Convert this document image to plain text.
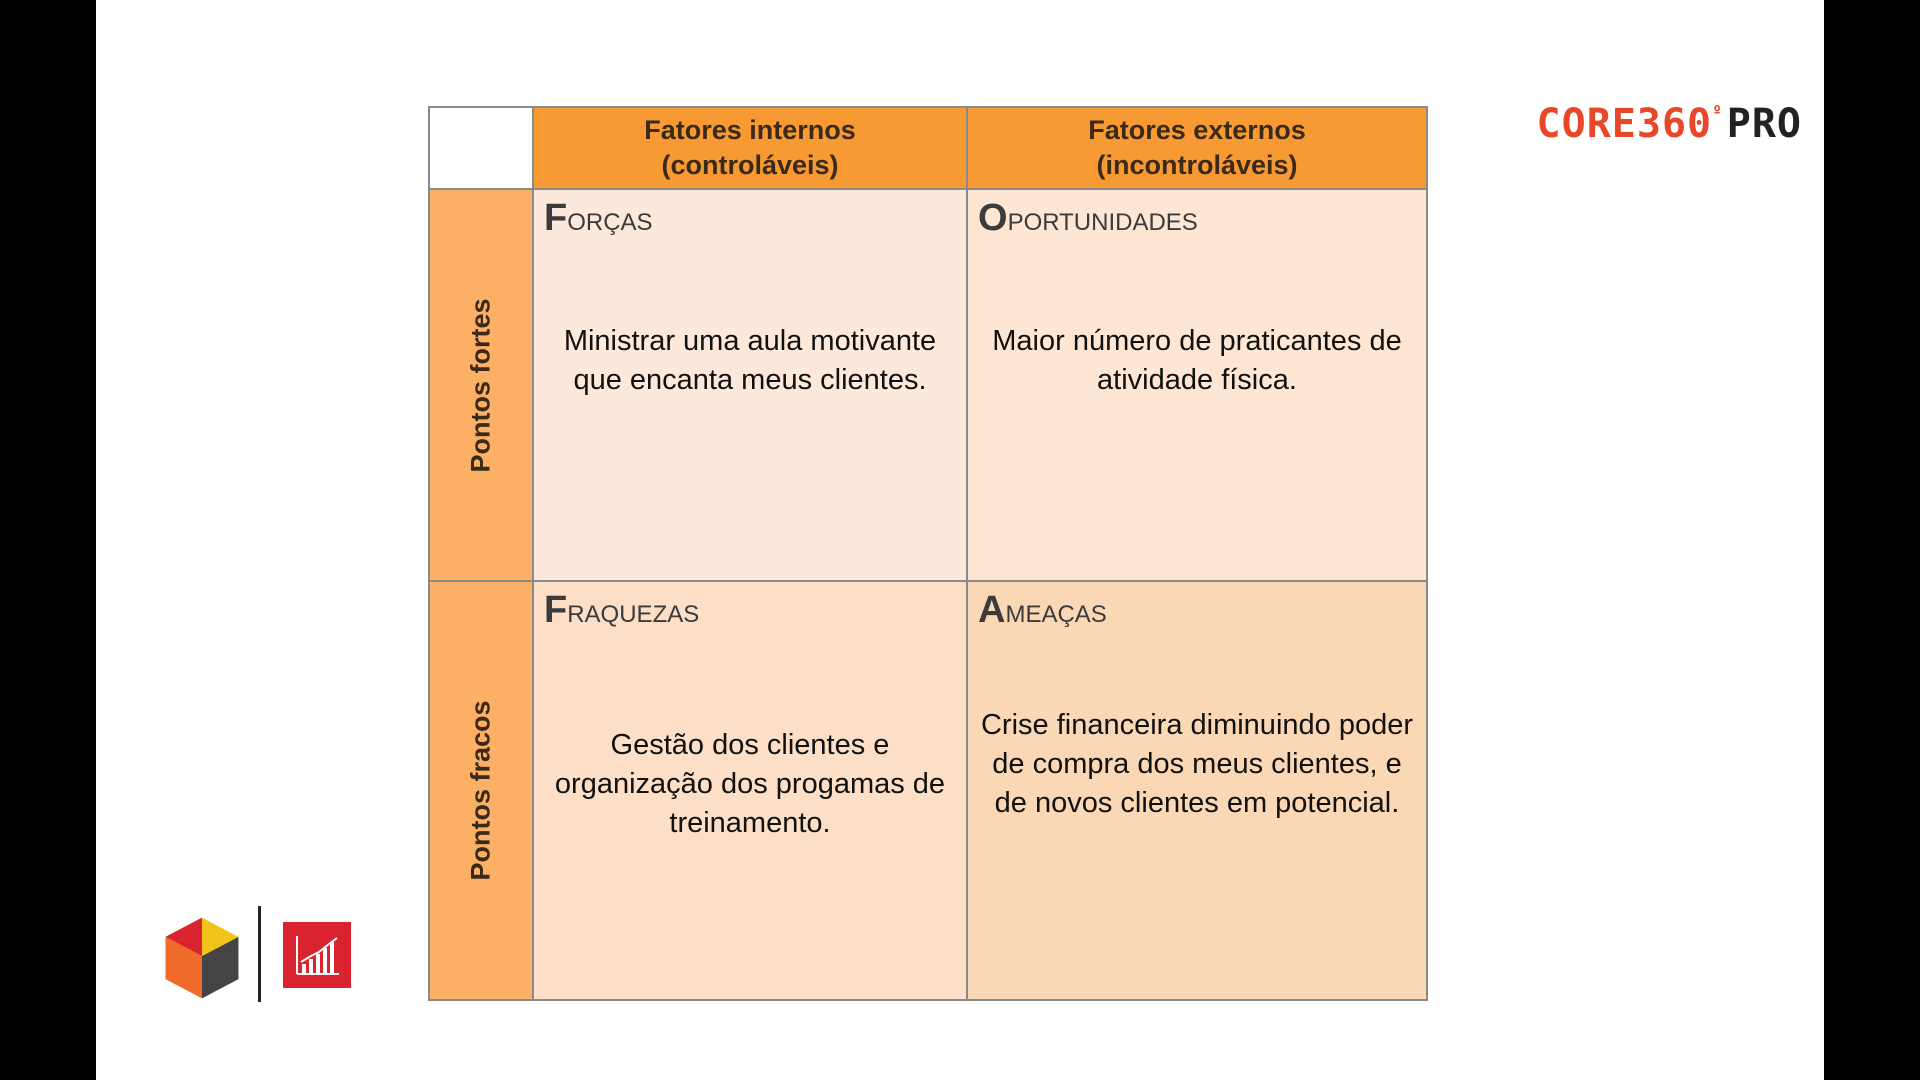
$CORE360^º$ PRO
Fatores internos
(controláveis)
Fatores externos
(incontroláveis)
Pontos fortes
Forças
Ministrar uma aula motivante que encanta meus clientes.
Oportunidades
Maior número de praticantes de atividade física.
Pontos fracos
Fraquezas
Gestão dos clientes e organização dos progamas de treinamento.
Ameaças
Crise financeira diminuindo poder de compra dos meus clientes, e de novos clientes em potencial.
